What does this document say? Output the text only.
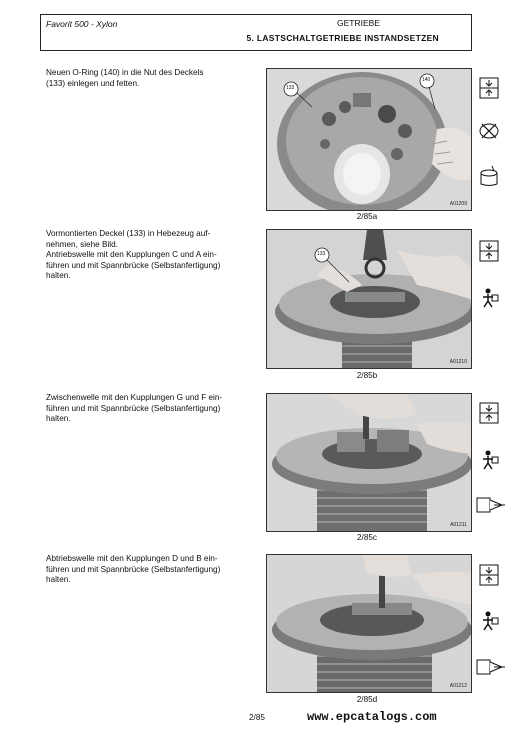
Favorit 500 - Xylon	GETRIEBE
5. LASTSCHALTGETRIEBE INSTANDSETZEN
Neuen O-Ring (140) in die Nut des Deckels
(133) einlegen und fetten.
133
140
A01209
2/85a
Vormontierten Deckel (133) in Hebezeug auf-
nehmen, siehe Bild.
Antriebswelle mit den Kupplungen C und A ein-
führen und mit Spannbrücke (Selbstanfertigung)
halten.
133
A01210
2/85b
Zwischenwelle mit den Kupplungen G und F ein-
führen und mit Spannbrücke (Selbstanfertigung)
halten.
A01211
2/85c
Abtriebswelle mit den Kupplungen D und B ein-
führen und mit Spannbrücke (Selbstanfertigung)
halten.
A01212
2/85d
2/85	www.epcatalogs.com
